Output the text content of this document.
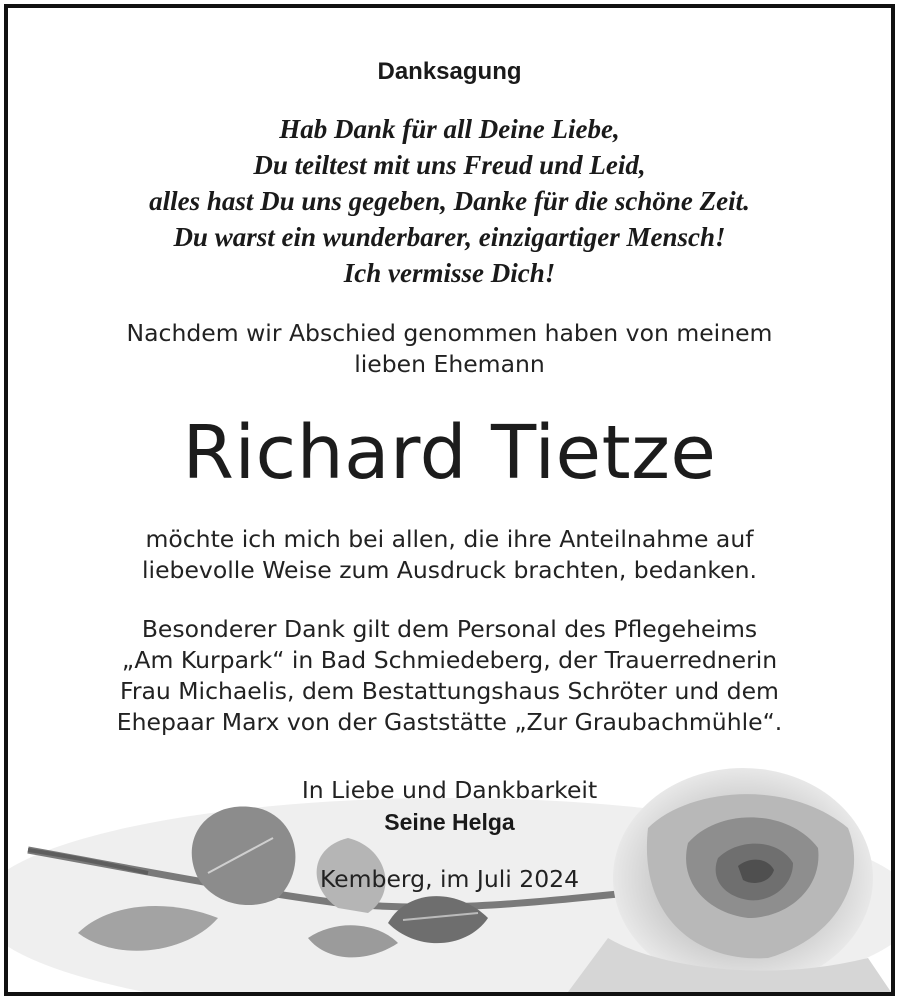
Danksagung
Hab Dank für all Deine Liebe,
Du teiltest mit uns Freud und Leid,
alles hast Du uns gegeben, Danke für die schöne Zeit.
Du warst ein wunderbarer, einzigartiger Mensch!
Ich vermisse Dich!
Nachdem wir Abschied genommen haben von meinem
lieben Ehemann
Richard Tietze
möchte ich mich bei allen, die ihre Anteilnahme auf
liebevolle Weise zum Ausdruck brachten, bedanken.
Besonderer Dank gilt dem Personal des Pflegeheims
„Am Kurpark“ in Bad Schmiedeberg, der Trauerrednerin
Frau Michaelis, dem Bestattungshaus Schröter und dem
Ehepaar Marx von der Gaststätte „Zur Graubachmühle“.
In Liebe und Dankbarkeit
Seine Helga
Kemberg, im Juli 2024
